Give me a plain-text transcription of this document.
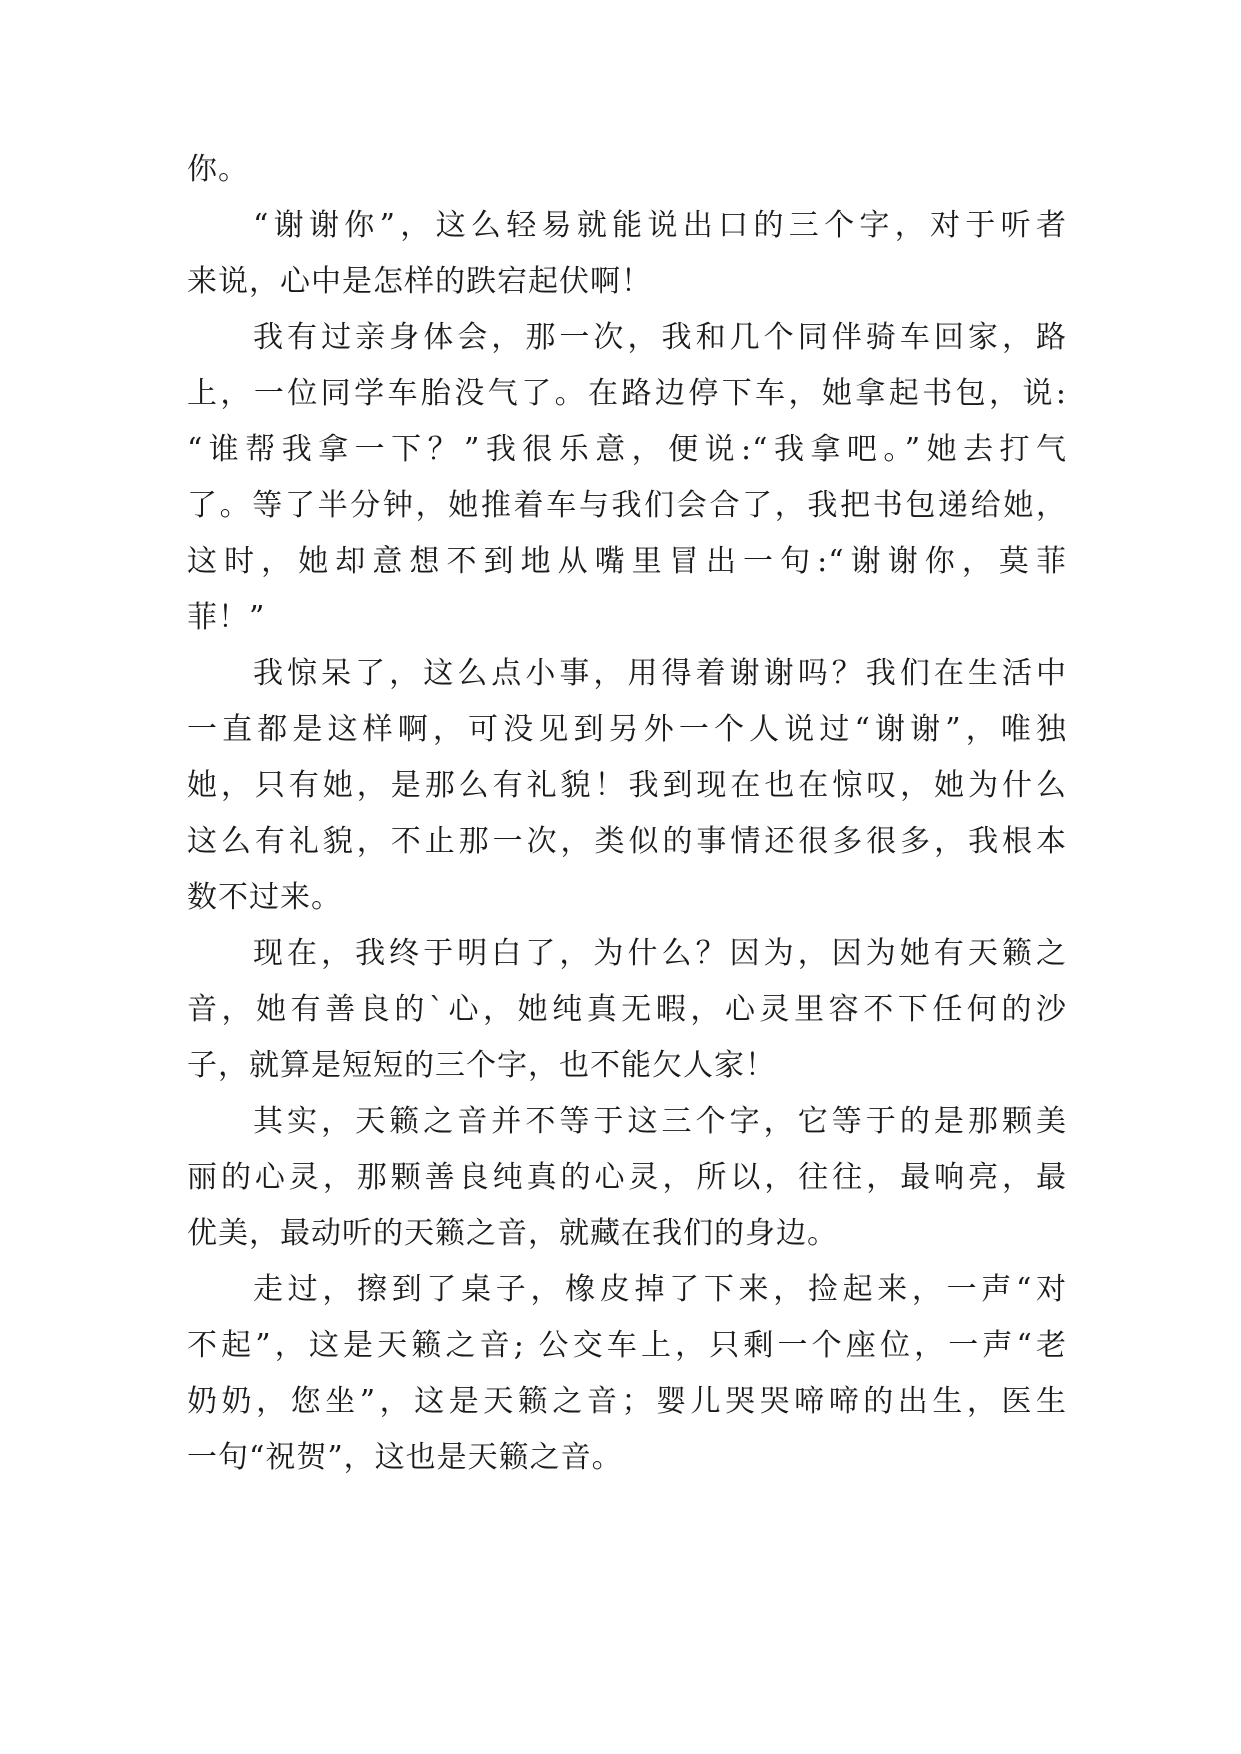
你。
“谢谢你”，这么轻易就能说出口的三个字，对于听者
来说，心中是怎样的跌宕起伏啊！
我有过亲身体会，那一次，我和几个同伴骑车回家，路
上，一位同学车胎没气了。在路边停下车，她拿起书包，说:
“谁帮我拿一下？”我很乐意，便说:“我拿吧。”她去打气
了。等了半分钟，她推着车与我们会合了，我把书包递给她，
这时，她却意想不到地从嘴里冒出一句:“谢谢你，莫菲
菲！”
我惊呆了，这么点小事，用得着谢谢吗？我们在生活中
一直都是这样啊，可没见到另外一个人说过“谢谢”，唯独
她，只有她，是那么有礼貌！我到现在也在惊叹，她为什么
这么有礼貌，不止那一次，类似的事情还很多很多，我根本
数不过来。
现在，我终于明白了，为什么？因为，因为她有天籁之
音，她有善良的`心，她纯真无暇，心灵里容不下任何的沙
子，就算是短短的三个字，也不能欠人家！
其实，天籁之音并不等于这三个字，它等于的是那颗美
丽的心灵，那颗善良纯真的心灵，所以，往往，最响亮，最
优美，最动听的天籁之音，就藏在我们的身边。
走过，擦到了桌子，橡皮掉了下来，捡起来，一声“对
不起”，这是天籁之音; 公交车上，只剩一个座位，一声“老
奶奶，您坐”，这是天籁之音；婴儿哭哭啼啼的出生，医生
一句“祝贺”，这也是天籁之音。
